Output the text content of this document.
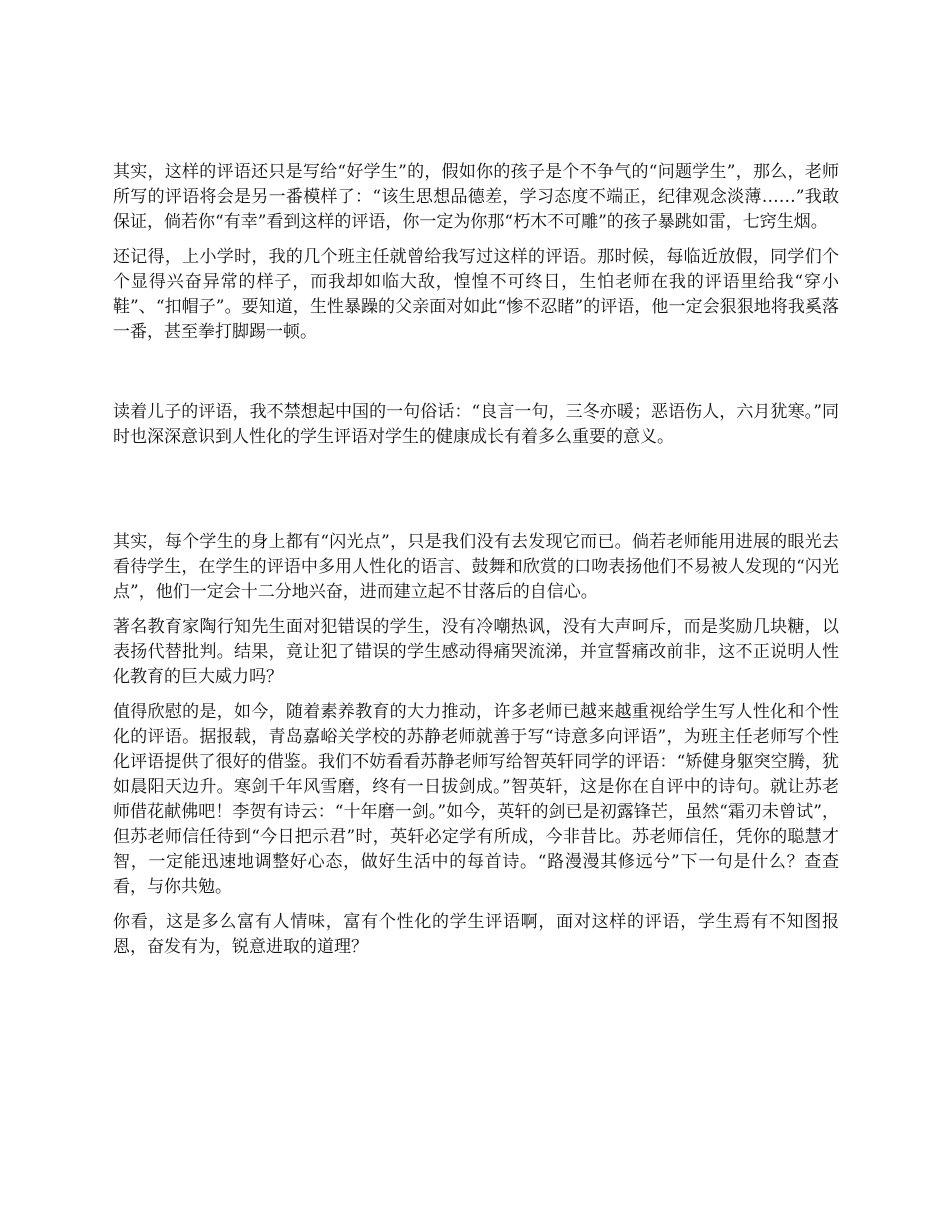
其实，这样的评语还只是写给“好学生”的，假如你的孩子是个不争气的“问题学生”，那么，老师所写的评语将会是另一番模样了：“该生思想品德差，学习态度不端正，纪律观念淡薄……”我敢保证，倘若你“有幸”看到这样的评语，你一定为你那“朽木不可雕”的孩子暴跳如雷，七窍生烟。

还记得，上小学时，我的几个班主任就曾给我写过这样的评语。那时候，每临近放假，同学们个个显得兴奋异常的样子，而我却如临大敌，惶惶不可终日，生怕老师在我的评语里给我“穿小鞋”、“扣帽子”。要知道，生性暴躁的父亲面对如此“惨不忍睹”的评语，他一定会狠狠地将我奚落一番，甚至拳打脚踢一顿。

读着儿子的评语，我不禁想起中国的一句俗话：“良言一句，三冬亦暖；恶语伤人，六月犹寒。”同时也深深意识到人性化的学生评语对学生的健康成长有着多么重要的意义。

其实，每个学生的身上都有“闪光点”，只是我们没有去发现它而已。倘若老师能用进展的眼光去看待学生，在学生的评语中多用人性化的语言、鼓舞和欣赏的口吻表扬他们不易被人发现的“闪光点”，他们一定会十二分地兴奋，进而建立起不甘落后的自信心。

著名教育家陶行知先生面对犯错误的学生，没有冷嘲热讽，没有大声呵斥，而是奖励几块糖，以表扬代替批判。结果，竟让犯了错误的学生感动得痛哭流涕，并宣誓痛改前非，这不正说明人性化教育的巨大威力吗？

值得欣慰的是，如今，随着素养教育的大力推动，许多老师已越来越重视给学生写人性化和个性化的评语。据报载，青岛嘉峪关学校的苏静老师就善于写“诗意多向评语”，为班主任老师写个性化评语提供了很好的借鉴。我们不妨看看苏静老师写给智英轩同学的评语：“矫健身躯突空腾，犹如晨阳天边升。寒剑千年风雪磨，终有一日拔剑成。”智英轩，这是你在自评中的诗句。就让苏老师借花献佛吧！李贺有诗云：“十年磨一剑。”如今，英轩的剑已是初露锋芒，虽然“霜刃未曾试”，但苏老师信任待到“今日把示君”时，英轩必定学有所成，今非昔比。苏老师信任，凭你的聪慧才智，一定能迅速地调整好心态，做好生活中的每首诗。“路漫漫其修远兮”下一句是什么？查查看，与你共勉。

你看，这是多么富有人情味，富有个性化的学生评语啊，面对这样的评语，学生焉有不知图报恩，奋发有为，锐意进取的道理？
